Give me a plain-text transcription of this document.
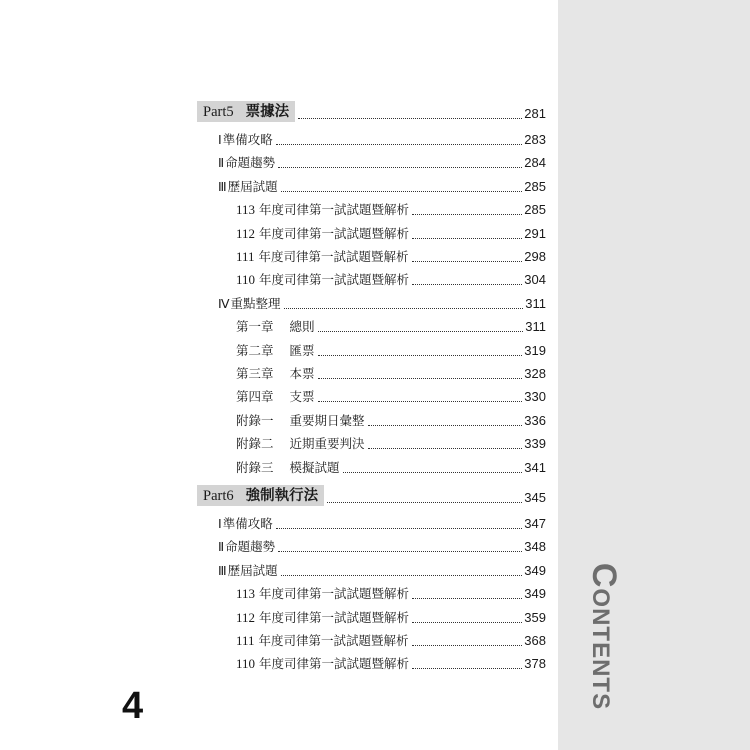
Contents
Part5 票據法	281
Ⅰ 準備攻略	283
Ⅱ 命題趨勢	284
Ⅲ 歷屆試題	285
113 年度司律第一試試題暨解析	285
112 年度司律第一試試題暨解析	291
111 年度司律第一試試題暨解析	298
110 年度司律第一試試題暨解析	304
Ⅳ 重點整理	311
第一章 總則	311
第二章 匯票	319
第三章 本票	328
第四章 支票	330
附錄一 重要期日彙整	336
附錄二 近期重要判決	339
附錄三 模擬試題	341
Part6 強制執行法	345
Ⅰ 準備攻略	347
Ⅱ 命題趨勢	348
Ⅲ 歷屆試題	349
113 年度司律第一試試題暨解析	349
112 年度司律第一試試題暨解析	359
111 年度司律第一試試題暨解析	368
110 年度司律第一試試題暨解析	378
4
